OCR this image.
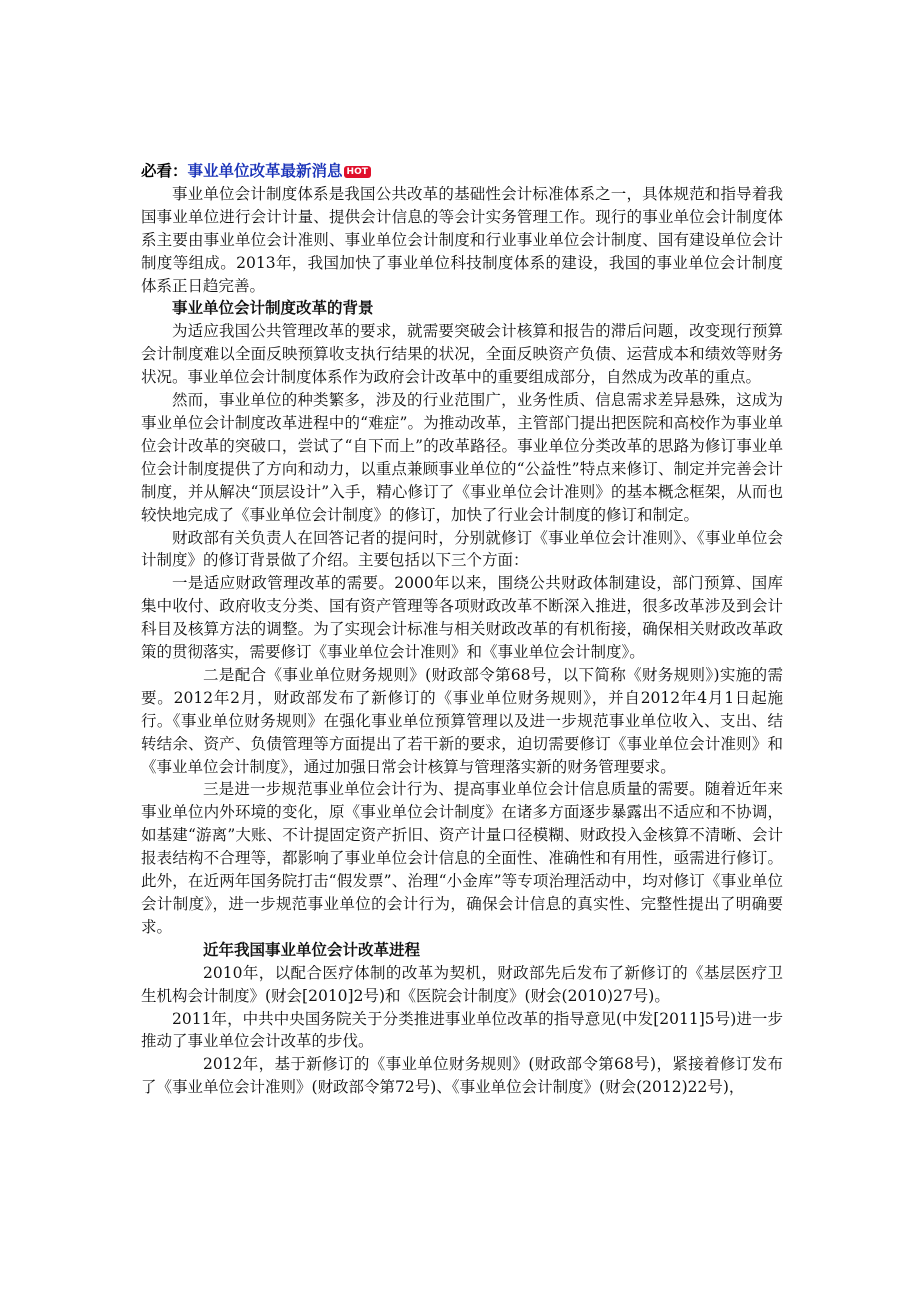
必看：事业单位改革最新消息 HOT

事业单位会计制度体系是我国公共改革的基础性会计标准体系之一，具体规范和指导着我国事业单位进行会计计量、提供会计信息的等会计实务管理工作。现行的事业单位会计制度体系主要由事业单位会计准则、事业单位会计制度和行业事业单位会计制度、国有建设单位会计制度等组成。2013年，我国加快了事业单位科技制度体系的建设，我国的事业单位会计制度体系正日趋完善。

事业单位会计制度改革的背景

为适应我国公共管理改革的要求，就需要突破会计核算和报告的滞后问题，改变现行预算会计制度难以全面反映预算收支执行结果的状况，全面反映资产负债、运营成本和绩效等财务状况。事业单位会计制度体系作为政府会计改革中的重要组成部分，自然成为改革的重点。

然而，事业单位的种类繁多，涉及的行业范围广，业务性质、信息需求差异悬殊，这成为事业单位会计制度改革进程中的“难症”。为推动改革，主管部门提出把医院和高校作为事业单位会计改革的突破口，尝试了“自下而上”的改革路径。事业单位分类改革的思路为修订事业单位会计制度提供了方向和动力，以重点兼顾事业单位的“公益性”特点来修订、制定并完善会计制度，并从解决“顶层设计”入手，精心修订了《事业单位会计准则》的基本概念框架，从而也较快地完成了《事业单位会计制度》的修订，加快了行业会计制度的修订和制定。

财政部有关负责人在回答记者的提问时，分别就修订《事业单位会计准则》、《事业单位会计制度》的修订背景做了介绍。主要包括以下三个方面：

一是适应财政管理改革的需要。2000年以来，围绕公共财政体制建设，部门预算、国库集中收付、政府收支分类、国有资产管理等各项财政改革不断深入推进，很多改革涉及到会计科目及核算方法的调整。为了实现会计标准与相关财政改革的有机衔接，确保相关财政改革政策的贯彻落实，需要修订《事业单位会计准则》和《事业单位会计制度》。

二是配合《事业单位财务规则》(财政部令第68号，以下简称《财务规则》)实施的需要。2012年2月，财政部发布了新修订的《事业单位财务规则》，并自2012年4月1日起施行。《事业单位财务规则》在强化事业单位预算管理以及进一步规范事业单位收入、支出、结转结余、资产、负债管理等方面提出了若干新的要求，迫切需要修订《事业单位会计准则》和《事业单位会计制度》，通过加强日常会计核算与管理落实新的财务管理要求。

三是进一步规范事业单位会计行为、提高事业单位会计信息质量的需要。随着近年来事业单位内外环境的变化，原《事业单位会计制度》在诸多方面逐步暴露出不适应和不协调，如基建“游离”大账、不计提固定资产折旧、资产计量口径模糊、财政投入金核算不清晰、会计报表结构不合理等，都影响了事业单位会计信息的全面性、准确性和有用性，亟需进行修订。此外，在近两年国务院打击“假发票”、治理“小金库”等专项治理活动中，均对修订《事业单位会计制度》，进一步规范事业单位的会计行为，确保会计信息的真实性、完整性提出了明确要求。

近年我国事业单位会计改革进程

2010年，以配合医疗体制的改革为契机，财政部先后发布了新修订的《基层医疗卫生机构会计制度》(财会[2010]2号)和《医院会计制度》(财会(2010)27号)。

2011年，中共中央国务院关于分类推进事业单位改革的指导意见(中发[2011]5号)进一步推动了事业单位会计改革的步伐。

2012年，基于新修订的《事业单位财务规则》(财政部令第68号)，紧接着修订发布了《事业单位会计准则》(财政部令第72号)、《事业单位会计制度》(财会(2012)22号)，
